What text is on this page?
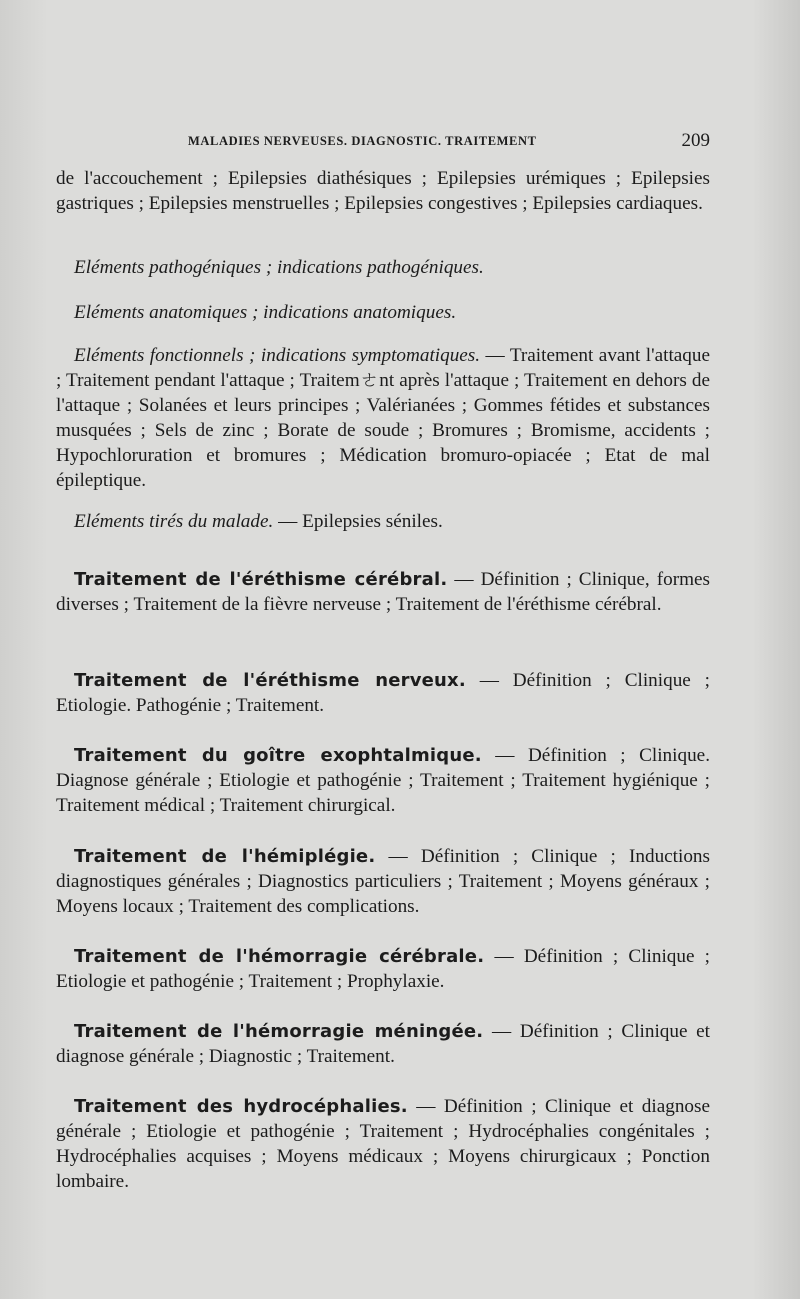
MALADIES NERVEUSES. DIAGNOSTIC. TRAITEMENT	209

de l'accouchement ; Epilepsies diathésiques ; Epilepsies urémiques ; Epilepsies gastriques ; Epilepsies menstruelles ; Epilepsies congestives ; Epilepsies cardiaques.

Eléments pathogéniques ; indications pathogéniques.

Eléments anatomiques ; indications anatomiques.

Eléments fonctionnels ; indications symptomatiques. — Traitement avant l'attaque ; Traitement pendant l'attaque ; Traitemㄜnt après l'attaque ; Traitement en dehors de l'attaque ; Solanées et leurs principes ; Valérianées ; Gommes fétides et substances musquées ; Sels de zinc ; Borate de soude ; Bromures ; Bromisme, accidents ; Hypochloruration et bromures ; Médication bromuro-opiacée ; Etat de mal épileptique.

Eléments tirés du malade. — Epilepsies séniles.

Traitement de l'éréthisme cérébral. — Définition ; Clinique, formes diverses ; Traitement de la fièvre nerveuse ; Traitement de l'éréthisme cérébral.

Traitement de l'éréthisme nerveux. — Définition ; Clinique ; Etiologie. Pathogénie ; Traitement.

Traitement du goître exophtalmique. — Définition ; Clinique. Diagnose générale ; Etiologie et pathogénie ; Traitement ; Traitement hygiénique ; Traitement médical ; Traitement chirurgical.

Traitement de l'hémiplégie. — Définition ; Clinique ; Inductions diagnostiques générales ; Diagnostics particuliers ; Traitement ; Moyens généraux ; Moyens locaux ; Traitement des complications.

Traitement de l'hémorragie cérébrale. — Définition ; Clinique ; Etiologie et pathogénie ; Traitement ; Prophylaxie.

Traitement de l'hémorragie méningée. — Définition ; Clinique et diagnose générale ; Diagnostic ; Traitement.

Traitement des hydrocéphalies. — Définition ; Clinique et diagnose générale ; Etiologie et pathogénie ; Traitement ; Hydrocéphalies congénitales ; Hydrocéphalies acquises ; Moyens médicaux ; Moyens chirurgicaux ; Ponction lombaire.
